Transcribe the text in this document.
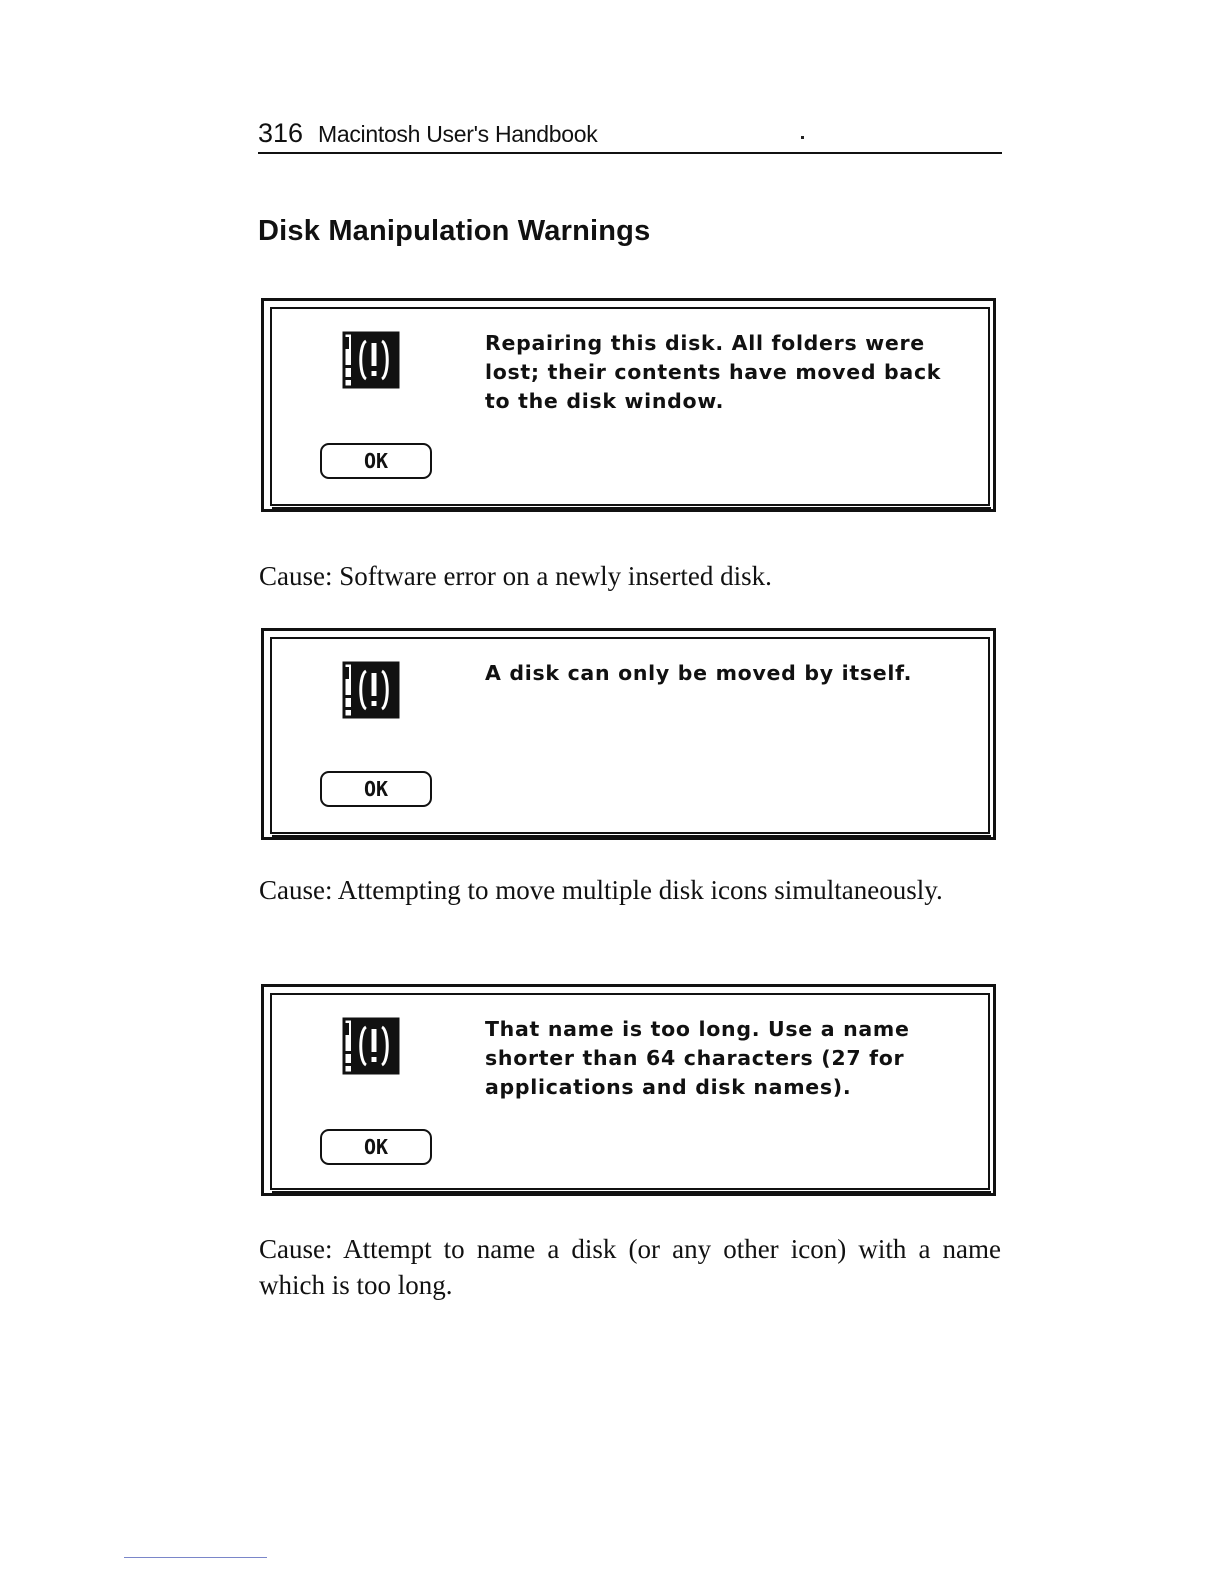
316 Macintosh User's Handbook
Disk Manipulation Warnings
Repairing this disk. All folders were lost; their contents have moved back to the disk window.
OK
Cause: Software error on a newly inserted disk.
A disk can only be moved by itself.
OK
Cause: Attempting to move multiple disk icons simultaneously.
That name is too long. Use a name shorter than 64 characters (27 for applications and disk names).
OK
Cause: Attempt to name a disk (or any other icon) with a name which is too long.
